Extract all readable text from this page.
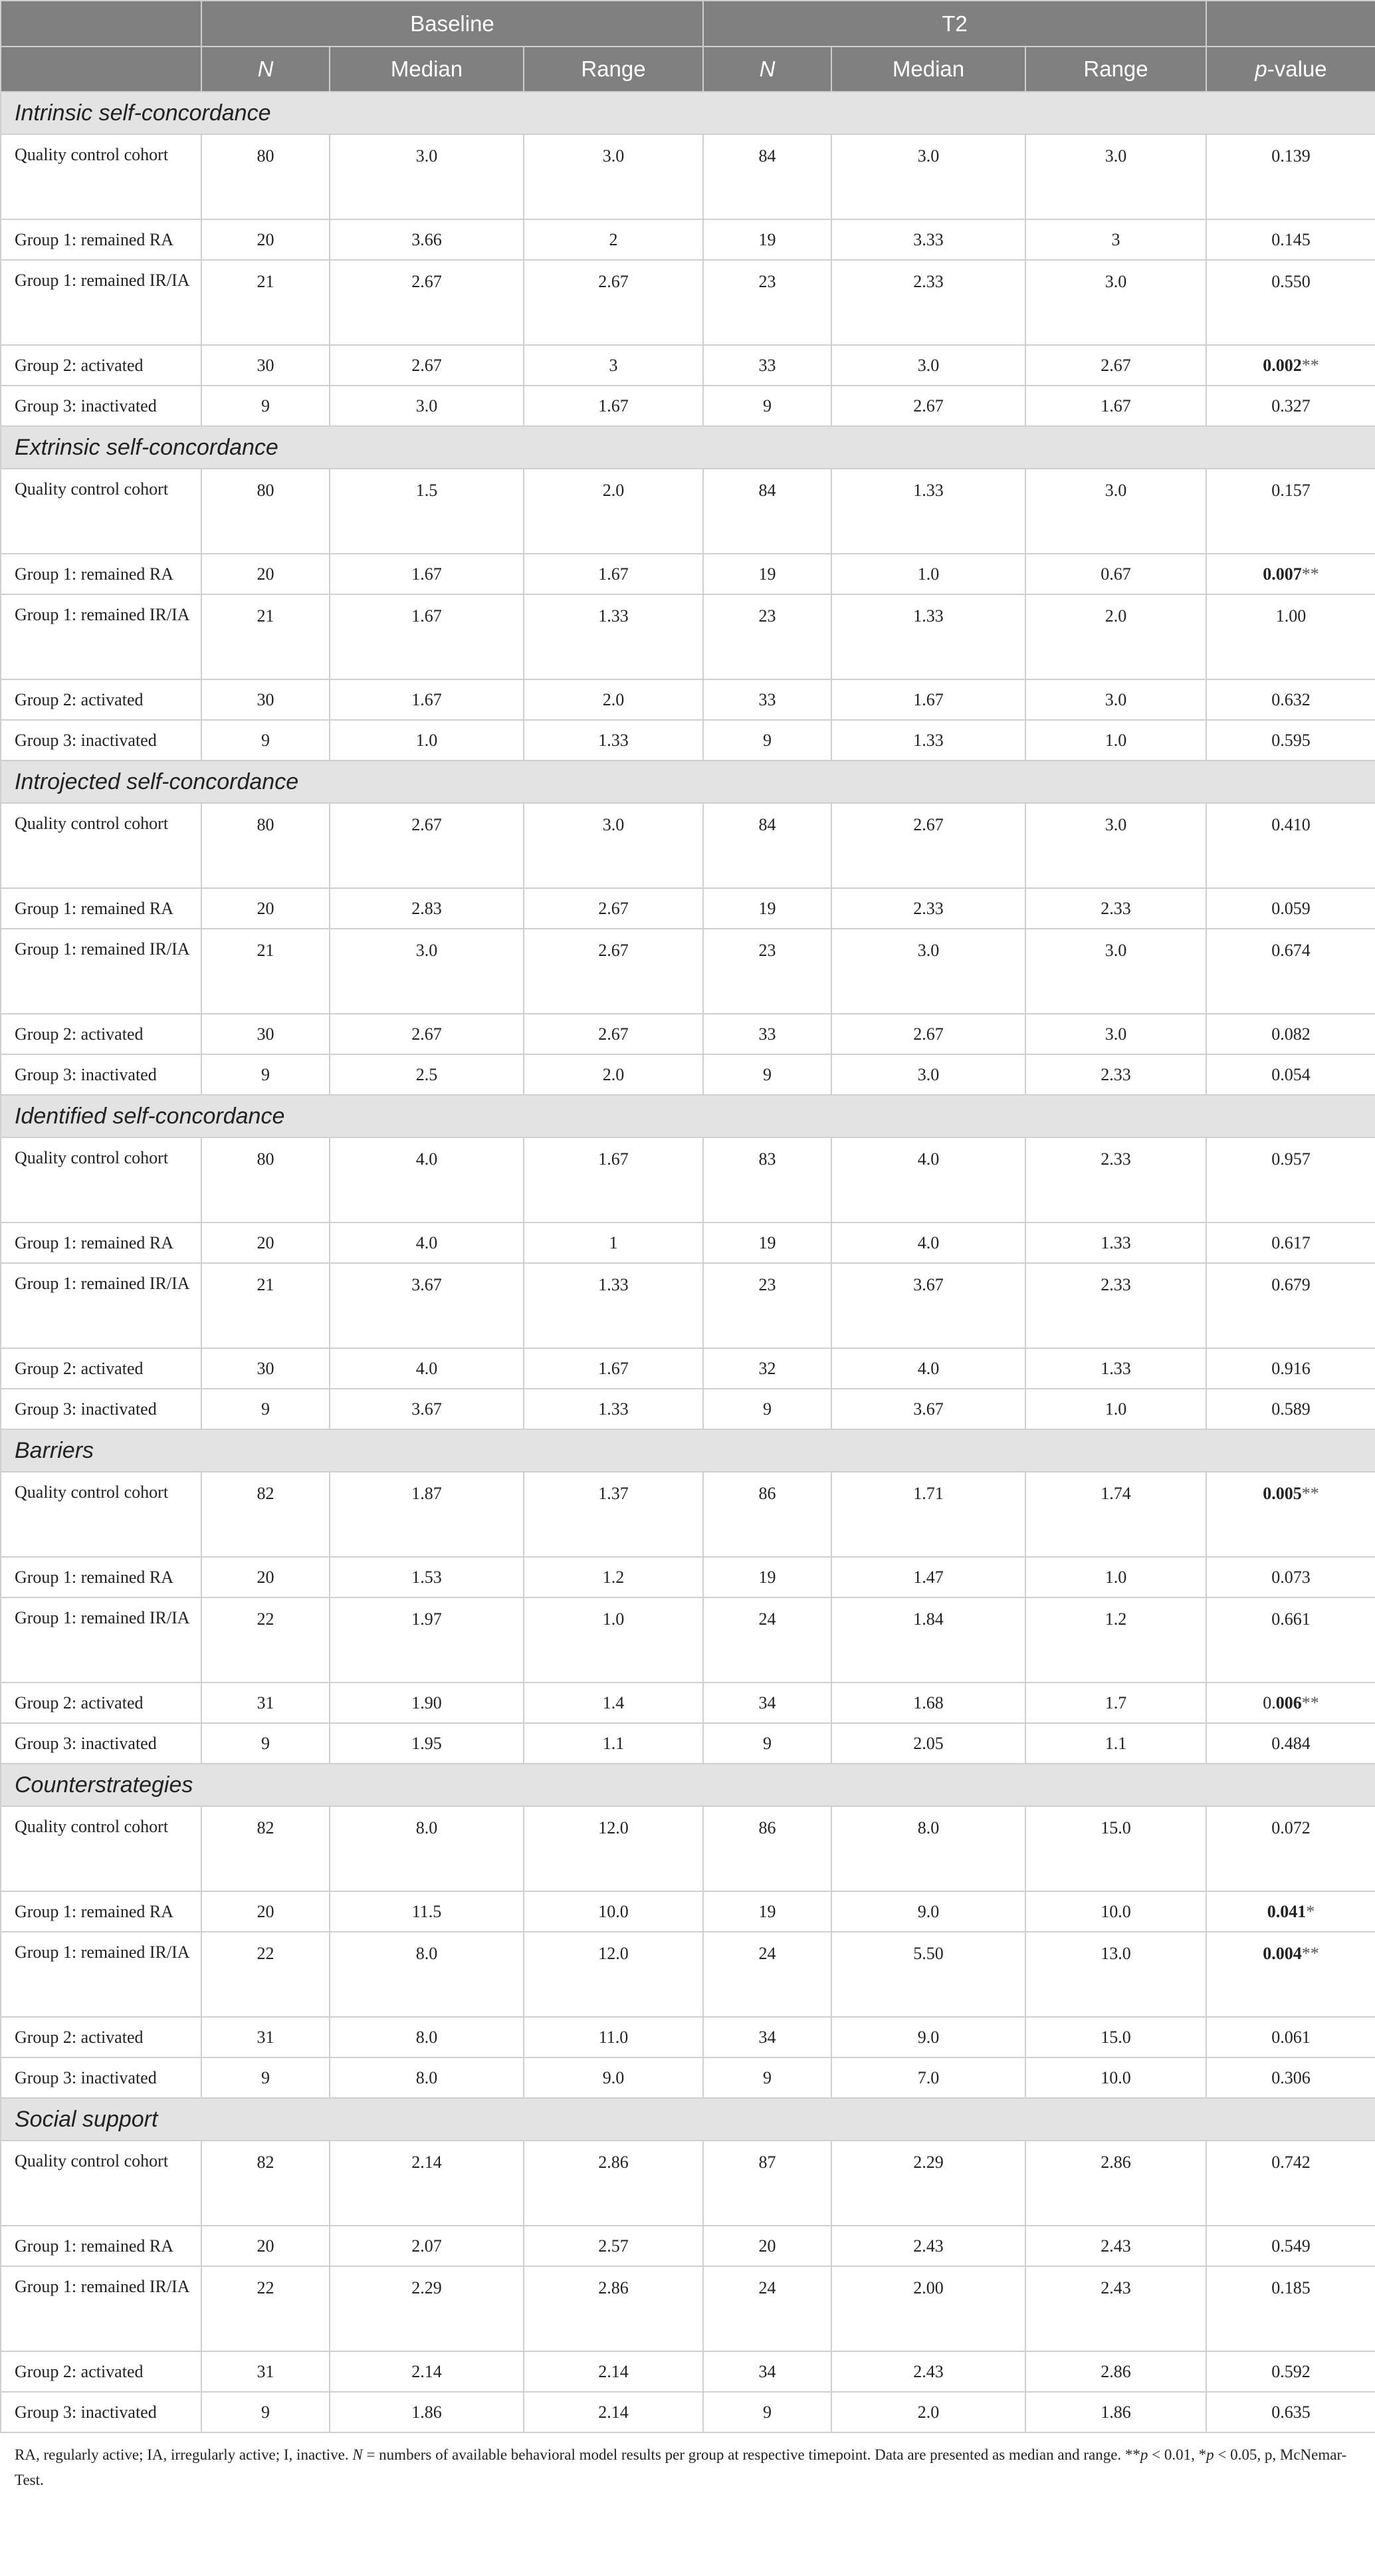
	Baseline			T2			
	N	Median	Range	N	Median	Range	p-value
Intrinsic self-concordance							
Quality control cohort	80	3.0	3.0	84	3.0	3.0	0.139
Group 1: remained RA	20	3.66	2	19	3.33	3	0.145
Group 1: remained IR/IA	21	2.67	2.67	23	2.33	3.0	0.550
Group 2: activated	30	2.67	3	33	3.0	2.67	0.002**
Group 3: inactivated	9	3.0	1.67	9	2.67	1.67	0.327
Extrinsic self-concordance							
Quality control cohort	80	1.5	2.0	84	1.33	3.0	0.157
Group 1: remained RA	20	1.67	1.67	19	1.0	0.67	0.007**
Group 1: remained IR/IA	21	1.67	1.33	23	1.33	2.0	1.00
Group 2: activated	30	1.67	2.0	33	1.67	3.0	0.632
Group 3: inactivated	9	1.0	1.33	9	1.33	1.0	0.595
Introjected self-concordance							
Quality control cohort	80	2.67	3.0	84	2.67	3.0	0.410
Group 1: remained RA	20	2.83	2.67	19	2.33	2.33	0.059
Group 1: remained IR/IA	21	3.0	2.67	23	3.0	3.0	0.674
Group 2: activated	30	2.67	2.67	33	2.67	3.0	0.082
Group 3: inactivated	9	2.5	2.0	9	3.0	2.33	0.054
Identified self-concordance							
Quality control cohort	80	4.0	1.67	83	4.0	2.33	0.957
Group 1: remained RA	20	4.0	1	19	4.0	1.33	0.617
Group 1: remained IR/IA	21	3.67	1.33	23	3.67	2.33	0.679
Group 2: activated	30	4.0	1.67	32	4.0	1.33	0.916
Group 3: inactivated	9	3.67	1.33	9	3.67	1.0	0.589
Barriers							
Quality control cohort	82	1.87	1.37	86	1.71	1.74	0.005**
Group 1: remained RA	20	1.53	1.2	19	1.47	1.0	0.073
Group 1: remained IR/IA	22	1.97	1.0	24	1.84	1.2	0.661
Group 2: activated	31	1.90	1.4	34	1.68	1.7	0.006**
Group 3: inactivated	9	1.95	1.1	9	2.05	1.1	0.484
Counterstrategies							
Quality control cohort	82	8.0	12.0	86	8.0	15.0	0.072
Group 1: remained RA	20	11.5	10.0	19	9.0	10.0	0.041*
Group 1: remained IR/IA	22	8.0	12.0	24	5.50	13.0	0.004**
Group 2: activated	31	8.0	11.0	34	9.0	15.0	0.061
Group 3: inactivated	9	8.0	9.0	9	7.0	10.0	0.306
Social support							
Quality control cohort	82	2.14	2.86	87	2.29	2.86	0.742
Group 1: remained RA	20	2.07	2.57	20	2.43	2.43	0.549
Group 1: remained IR/IA	22	2.29	2.86	24	2.00	2.43	0.185
Group 2: activated	31	2.14	2.14	34	2.43	2.86	0.592
Group 3: inactivated	9	1.86	2.14	9	2.0	1.86	0.635
RA, regularly active; IA, irregularly active; I, inactive. N = numbers of available behavioral model results per group at respective timepoint. Data are presented as median and range. **p < 0.01, *p < 0.05, p, McNemar-Test.
